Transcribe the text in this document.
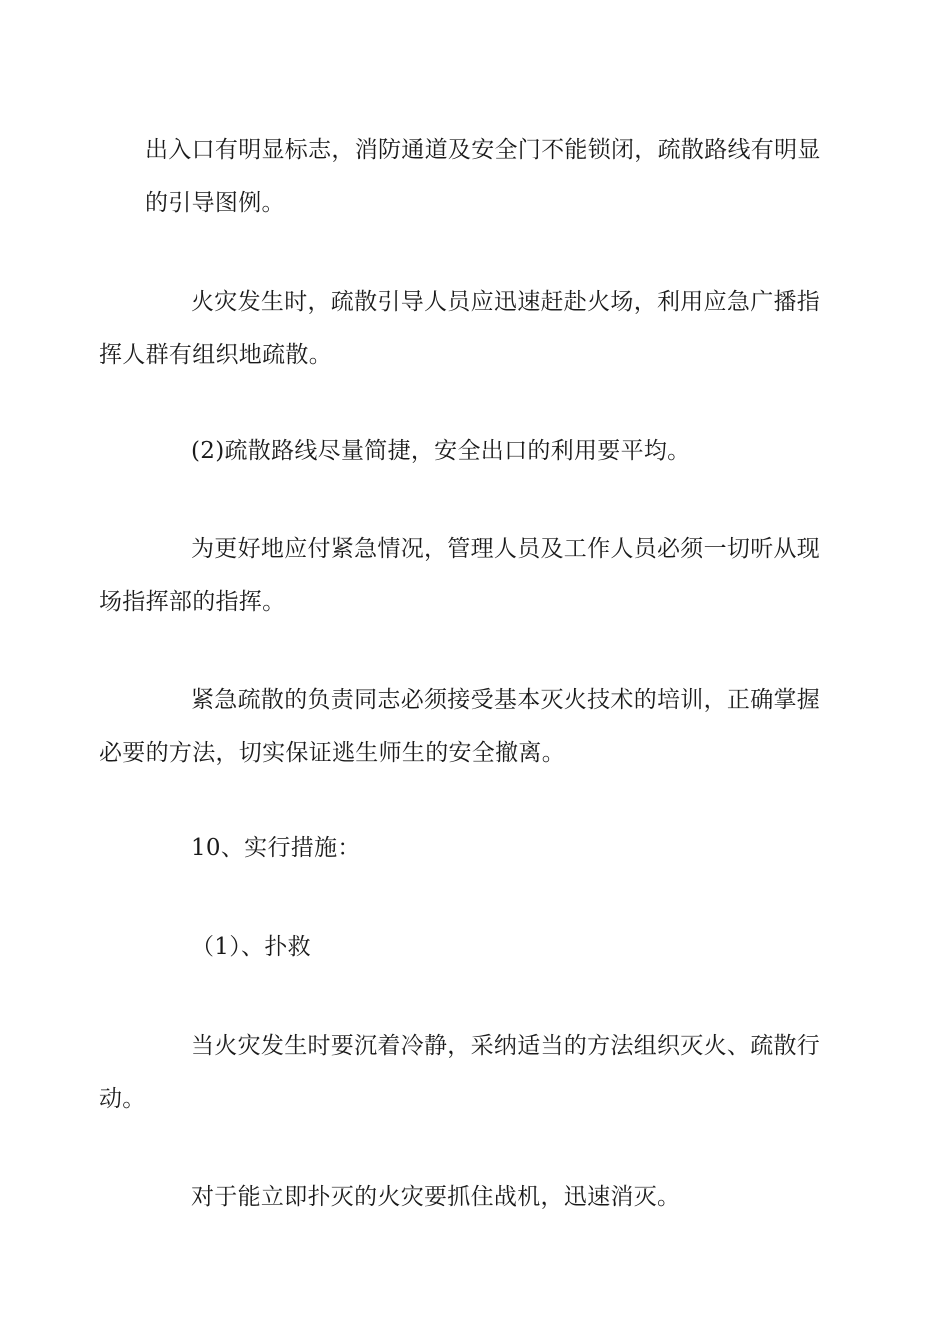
出入口有明显标志，消防通道及安全门不能锁闭，疏散路线有明显
的引导图例。

火灾发生时，疏散引导人员应迅速赶赴火场，利用应急广播指
挥人群有组织地疏散。

(2)疏散路线尽量简捷，安全出口的利用要平均。

为更好地应付紧急情况，管理人员及工作人员必须一切听从现
场指挥部的指挥。

紧急疏散的负责同志必须接受基本灭火技术的培训，正确掌握
必要的方法，切实保证逃生师生的安全撤离。

10、实行措施：

（1）、扑救

当火灾发生时要沉着冷静，采纳适当的方法组织灭火、疏散行
动。

对于能立即扑灭的火灾要抓住战机，迅速消灭。
